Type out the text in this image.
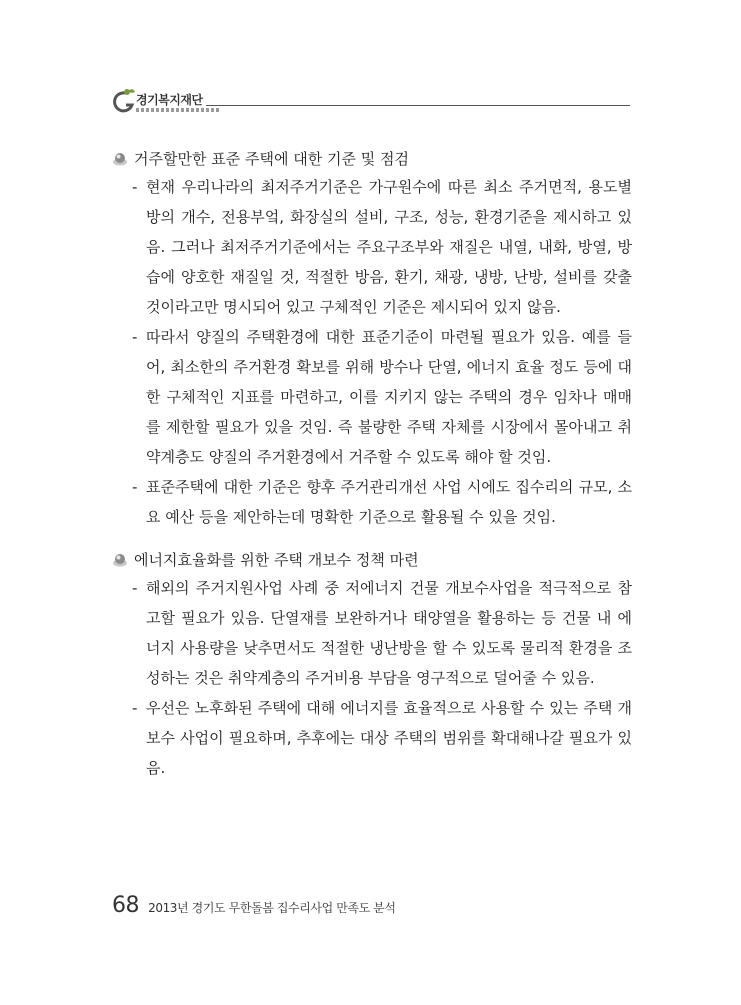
경기복지재단
거주할만한 표준 주택에 대한 기준 및 점검
- 현재 우리나라의 최저주거기준은 가구원수에 따른 최소 주거면적, 용도별 방의 개수, 전용부엌, 화장실의 설비, 구조, 성능, 환경기준을 제시하고 있음. 그러나 최저주거기준에서는 주요구조부와 재질은 내열, 내화, 방열, 방습에 양호한 재질일 것, 적절한 방음, 환기, 채광, 냉방, 난방, 설비를 갖출 것이라고만 명시되어 있고 구체적인 기준은 제시되어 있지 않음.
- 따라서 양질의 주택환경에 대한 표준기준이 마련될 필요가 있음. 예를 들어, 최소한의 주거환경 확보를 위해 방수나 단열, 에너지 효율 정도 등에 대한 구체적인 지표를 마련하고, 이를 지키지 않는 주택의 경우 임차나 매매를 제한할 필요가 있을 것임. 즉 불량한 주택 자체를 시장에서 몰아내고 취약계층도 양질의 주거환경에서 거주할 수 있도록 해야 할 것임.
- 표준주택에 대한 기준은 향후 주거관리개선 사업 시에도 집수리의 규모, 소요 예산 등을 제안하는데 명확한 기준으로 활용될 수 있을 것임.
에너지효율화를 위한 주택 개보수 정책 마련
- 해외의 주거지원사업 사례 중 저에너지 건물 개보수사업을 적극적으로 참고할 필요가 있음. 단열재를 보완하거나 태양열을 활용하는 등 건물 내 에너지 사용량을 낮추면서도 적절한 냉난방을 할 수 있도록 물리적 환경을 조성하는 것은 취약계층의 주거비용 부담을 영구적으로 덜어줄 수 있음.
- 우선은 노후화된 주택에 대해 에너지를 효율적으로 사용할 수 있는 주택 개보수 사업이 필요하며, 추후에는 대상 주택의 범위를 확대해나갈 필요가 있음.
68 2013년 경기도 무한돌봄 집수리사업 만족도 분석
